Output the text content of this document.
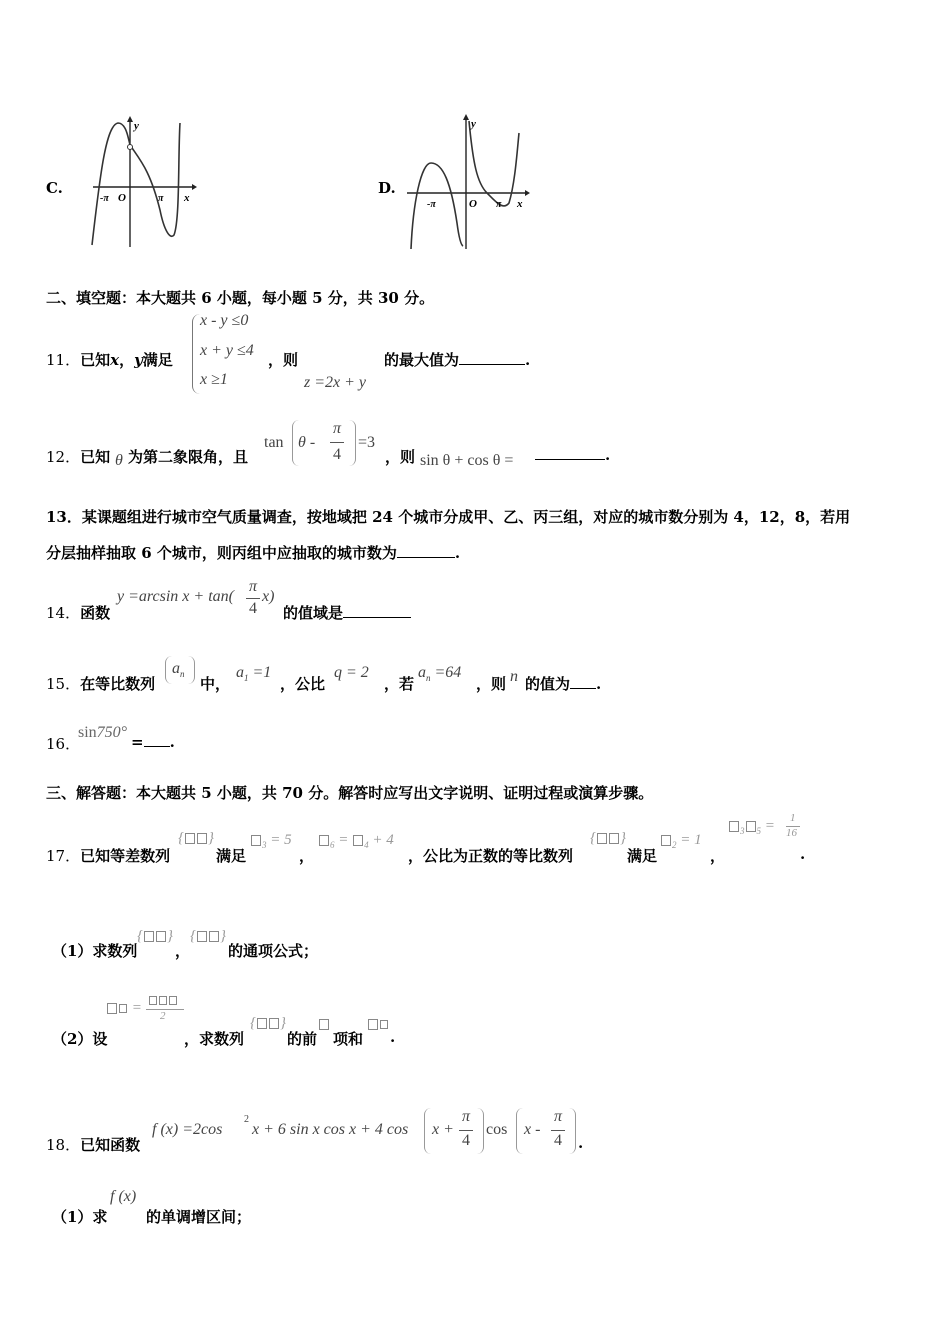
C.
y
x
O
-π	π
D.
y
x
O
-π	π
二、填空题：本大题共 6 小题，每小题 5 分，共 30 分。
11．已知x，y满足
x - y ≤0
x + y ≤4
x ≥1
，则
z =2x + y
的最大值为	.
12．已知 θ 为第二象限角，且
tan θ -
π
4
=3
，则 sin θ + cos θ =	.
13．某课题组进行城市空气质量调查，按地域把 24 个城市分成甲、乙、丙三组，对应的城市数分别为 4，12，8，若用
分层抽样抽取 6 个城市，则丙组中应抽取的城市数为	.
14．函数
y =arcsin x + tan(
π
4
x)
的值域是
15．在等比数列
$a_n$
中，
$a_1 =1$
，公比
q = 2
，若
$a_n =64$
，则 n 的值为 .
16．
sin750°
= .
三、解答题：本大题共 5 小题，共 70 分。解答时应写出文字说明、证明过程或演算步骤。
17．已知等差数列
{ }
满足
$_3$ = 5
，
$_6$ = $_4$ + 4
，公比为正数的等比数列
{ }
满足
$_2$ = 1
，
$_3$ $_5$ = 1
16
.
（1）求数列
{ }
，
{ }
的通项公式；
（2）设
= 2
，求数列
{ }
的前 项和 .
18．已知函数
f (x) =2cos
2
x + 6 sin x cos x + 4 cos x +
π
4
cos x -
π
4 .
（1）求
f (x)
的单调增区间；
